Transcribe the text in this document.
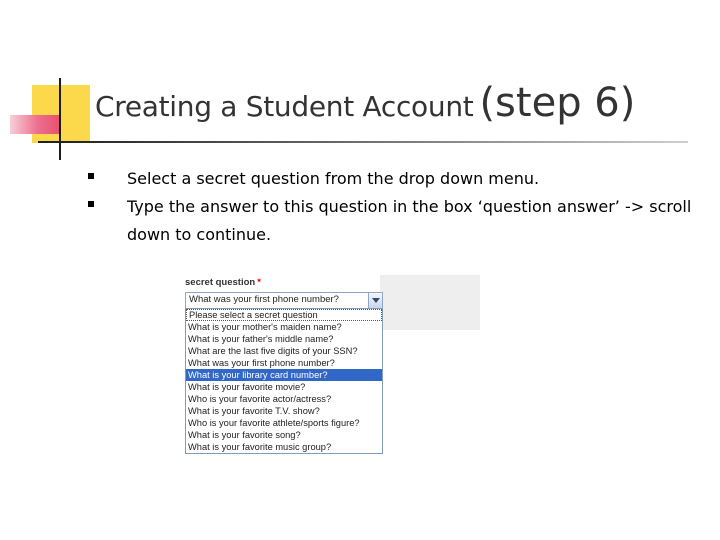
Creating a Student Account (step 6)
Select a secret question from the drop down menu.
Type the answer to this question in the box ‘question answer’ -> scroll down to continue.
secret question *
What was your first phone number?
Please select a secret question
What is your mother's maiden name?
What is your father's middle name?
What are the last five digits of your SSN?
What was your first phone number?
What is your library card number?
What is your favorite movie?
Who is your favorite actor/actress?
What is your favorite T.V. show?
Who is your favorite athlete/sports figure?
What is your favorite song?
What is your favorite music group?
